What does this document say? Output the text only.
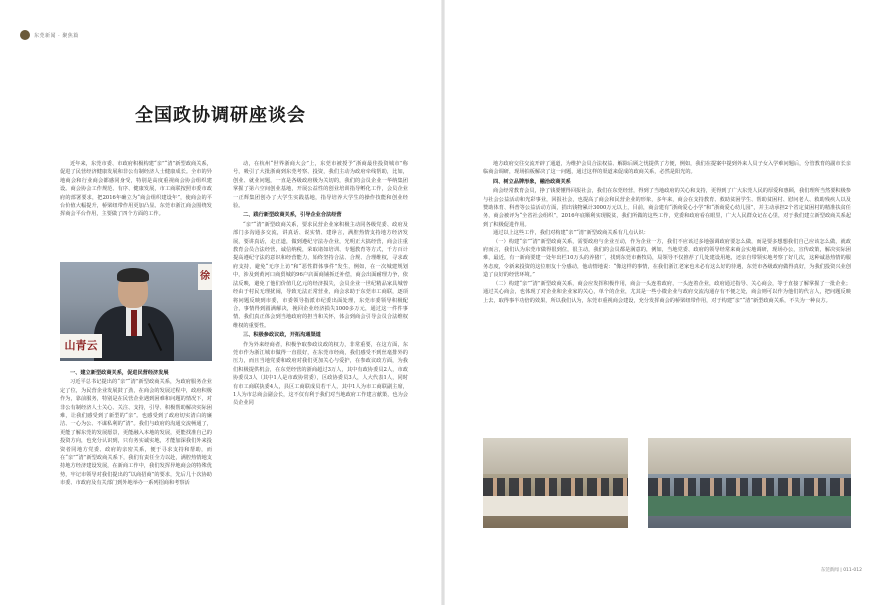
东莞新闻 · 聚焦篇
全国政协调研座谈会

近年来，东莞市委、市政府积极构建“亲”“清”新型政商关系，促进了民营经济健康发展和非公有制经济人士健康成长。全市的异地商会和行业商会都感同身受，特别是高度重视商会协会组织建设。商会协会工作规范、有序、健康发展，市工商联按照市委市政府的部署要求，把2016年确立为“商会组织建设年”，使商会的平台价值大幅提升，桥梁纽带作用更加凸显。东莞市浙江商会围绕发挥商会平台作用，主要做了四个方面的工作。

山青云
徐

一、建立新型政商关系，促进民营经济发展

习近平总书记提出的“亲”“清”新型政商关系，为政府服务企业定了位，为民营企业发展鼓了劲，在商会的发展过程中，政府积极作为，靠前服务，特别是在民营企业遇到困难和问题的情况下，对非公有制经济人士关心、关注、支持，引导、积极帮助解决实际困难，让我们感受到了新型的“亲”。也感受到了政府切实清白的廉洁、一心为公、不谋私利的“清”。我们与政府的沟通交流畅通了，更能了解东莞的发展愿景，更能融入本地的发展，更能找准自己的投资方向，也充分认识到，只有务实诚实地，才能加深我们外来投资者同地方党委、政府的亲密关系，便于寻求支持和帮助，而在“亲”“清”新型政商关系下，我们有责任全力以赴，满腔热情地支持地方经济建设发展，在新商工作中，我们发挥异地商会的特殊优势，牢记市领导对我们提出的“以商招商”的要求，先后几十次协助市委、市政府及有关部门到外地举办一系列招商和考察活

动，在杭州“世界浙商大会”上，东莞市被授予“浙商最佳投资城市”称号，吸引了大批浙商到东莞考察、投资，我们主动为政府牵线帮助，比如，创业、就业问题，一直是各级政府极为关切的，我们的会员企业一华纳集团掌握了第六空间创业基地，开展公益性的创业培训指导孵化工作，会员企业一正辉集团创办了大学生实践基地，指导培养大学生的操作技能和创业经验。

二、践行新型政商关系，引导企业合法经营

“亲”“清”新型政商关系，要求民营企业家积极主动同各级党委、政府及部门多沟通多交流，讲真话、说实情、建诤言，满腔热情支持地方经济发展，要讲真话，走正道，做到遵纪守法办企业，光明正大搞经营，商会注重教育会员合法经营，诚信纳税，荣取诸如培训、专题教育等方式，千方百计提高遵纪守法的意识和经营能力，始终坚持合法、合规、合理维权，寻求政府支持，避免“无序上访”和“恶性群体事件”发生，例如，在一次城建规划中，涉及到黄河口商贸城的96户店面商铺拆迁补偿，商会出面耐理力争，依法反映，避免了他们价值几亿元的经济损失，会员企业一世纪精品家具城曾经由于村民无理扰闹，导致无法正常营业，商会求助于东莞市工商联，逐项将问题反映到市委，市委领导指派市纪委出面处理，东莞市委领导积极配合，事情得到圆满解决，挽回企业经济损失1000多万元，通过这一件件事情，我们真正体会到当地政府的担当和关怀，体会到商会引导会员合法维权维权的重要性。

三、积极参政议政，开拓沟通渠道

作为外来经商者，积极争取参政议政的权力，非常重要，在这方面，东莞市作为浙江城市做得一直很好，在东莞市经商，我们感受不到丝毫排外的压力，而且当地党委和政府对我们更加关心与爱护，在参政议政方面，为我们积极提供机会，在东莞经营的浙商超过3万人，其中有政协委员2人，市政协委员3人（其中1人是市政协常委），区政协委员3人，人大代表1人，同时有市工商联执委4人，县区工商联成员若干人，其中1人为市工商联副主席，1人为市总商会副会长，这不仅有利于我们对当地政府工作建言献策，也为会员企业同

地方政府交往交流开辟了通道，为维护会员合法权益、解除后顾之忧提供了方便，例如，我们在提案中提到外来人员子女入学难问题后，分管教育的副市长亲临商会调研，现场拍板解决了这一问题，通过这样的渠道来促成的政商关系，必然是阳光的。

四、树立品牌形象，融洽政商关系

商会经常教育会员，挣了钱要懂得回报社会，我们在东莞经营，得到了当地政府的关心和支持，更得到了广大东莞人民的厚爱和惠顾，我们理所当然要积极参与社会公益活动和光彩事业，回报社会，也提高了商会和民营企业的形象，多年来，商会在支持教育、救助贫困学生、帮助贫困村、慰问老人、救助残疾人以及赞助体育、科普等公益活动方面，捐出钱物累计3000万元以上，目前，商会建有“浙商爱心小学”和“浙商爱心幼儿园”，并主动承担2个省定贫困村的精准扶贫任务，商会被评为“全省社会组织”，2016年底顺利实现脱贫，我们所做的这些工作，党委和政府看在眼里，广大人民群众记在心里，对于我们建立新型政商关系起到了积极促进作用。

通过以上这些工作，我们对构建“亲”“清”新型政商关系有几点认识：

（一）构建“亲”“清”新型政商关系，需要政府与企业互动，作为企业一方，我们不应该过多地强调政府要怎么做，而是要多想想我们自己应该怎么做，就政府而言，我们认为东莞市做得很到位，很主动，我们的会员都是满意的，例如，当地党委、政府的领导经常来商会实地调研，现场办公，宣传政策，解决实际困难，最近，有一新商要建一处年出栏10万头的养猪厂，找到东莞市畜牧局，局领导不仅推荐了几处建设用地，还亲自带领实地考察了好几次，这种诚恳热情的服务态度，令新来投资的这位朋友十分感动，他动情地说：“像这样的事情，在我们浙江老家也未必有这么好的待遇，东莞市各级政府做得真好，为我们投资兴业创造了良好的经营环境。”

（二）构建“亲”“清”新型政商关系，商会应发挥积极作用，商会一头连着政府，一头连着企业，政府通过指导、关心商会，等于直接了解掌握了一批企业；通过关心商会，也体现了对企业和企业家的关心，单个的企业，尤其是一些小微企业与政府交流沟通存有不便之处，商会则可以作为他们的代言人，把问题反映上去，取得事半功倍的效果，所以我们认为，东莞市重视商会建设，充分发挥商会的桥梁纽带作用，对于构建“亲”“清”新型政商关系，不失为一种良方。

东莞新闻 | 011-012
